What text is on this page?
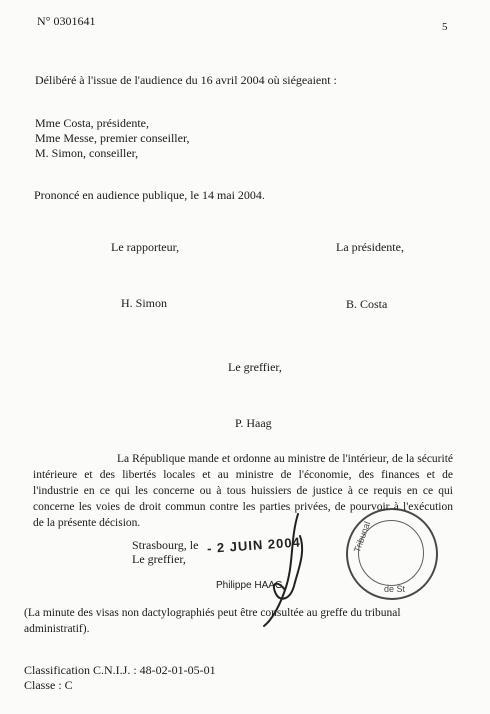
N° 0301641	5
Délibéré à l'issue de l'audience du 16 avril 2004 où siégeaient :
Mme Costa, présidente,
Mme Messe, premier conseiller,
M. Simon, conseiller,
Prononcé en audience publique, le 14 mai 2004.
Le rapporteur,	La présidente,
H. Simon	B. Costa
Le greffier,
P. Haag
La République mande et ordonne au ministre de l'intérieur, de la sécurité
intérieure et des libertés locales et au ministre de l'économie, des finances et de
l'industrie en ce qui les concerne ou à tous huissiers de justice à ce requis en ce qui
concerne les voies de droit commun contre les parties privées, de pourvoir à l'exécution
de la présente décision.
Strasbourg, le - 2 JUIN 2004
Le greffier,
Philippe HAAG
Tribunal
de St
(La minute des visas non dactylographiés peut être consultée au greffe du tribunal
administratif).
Classification C.N.I.J. : 48-02-01-05-01
Classe : C
